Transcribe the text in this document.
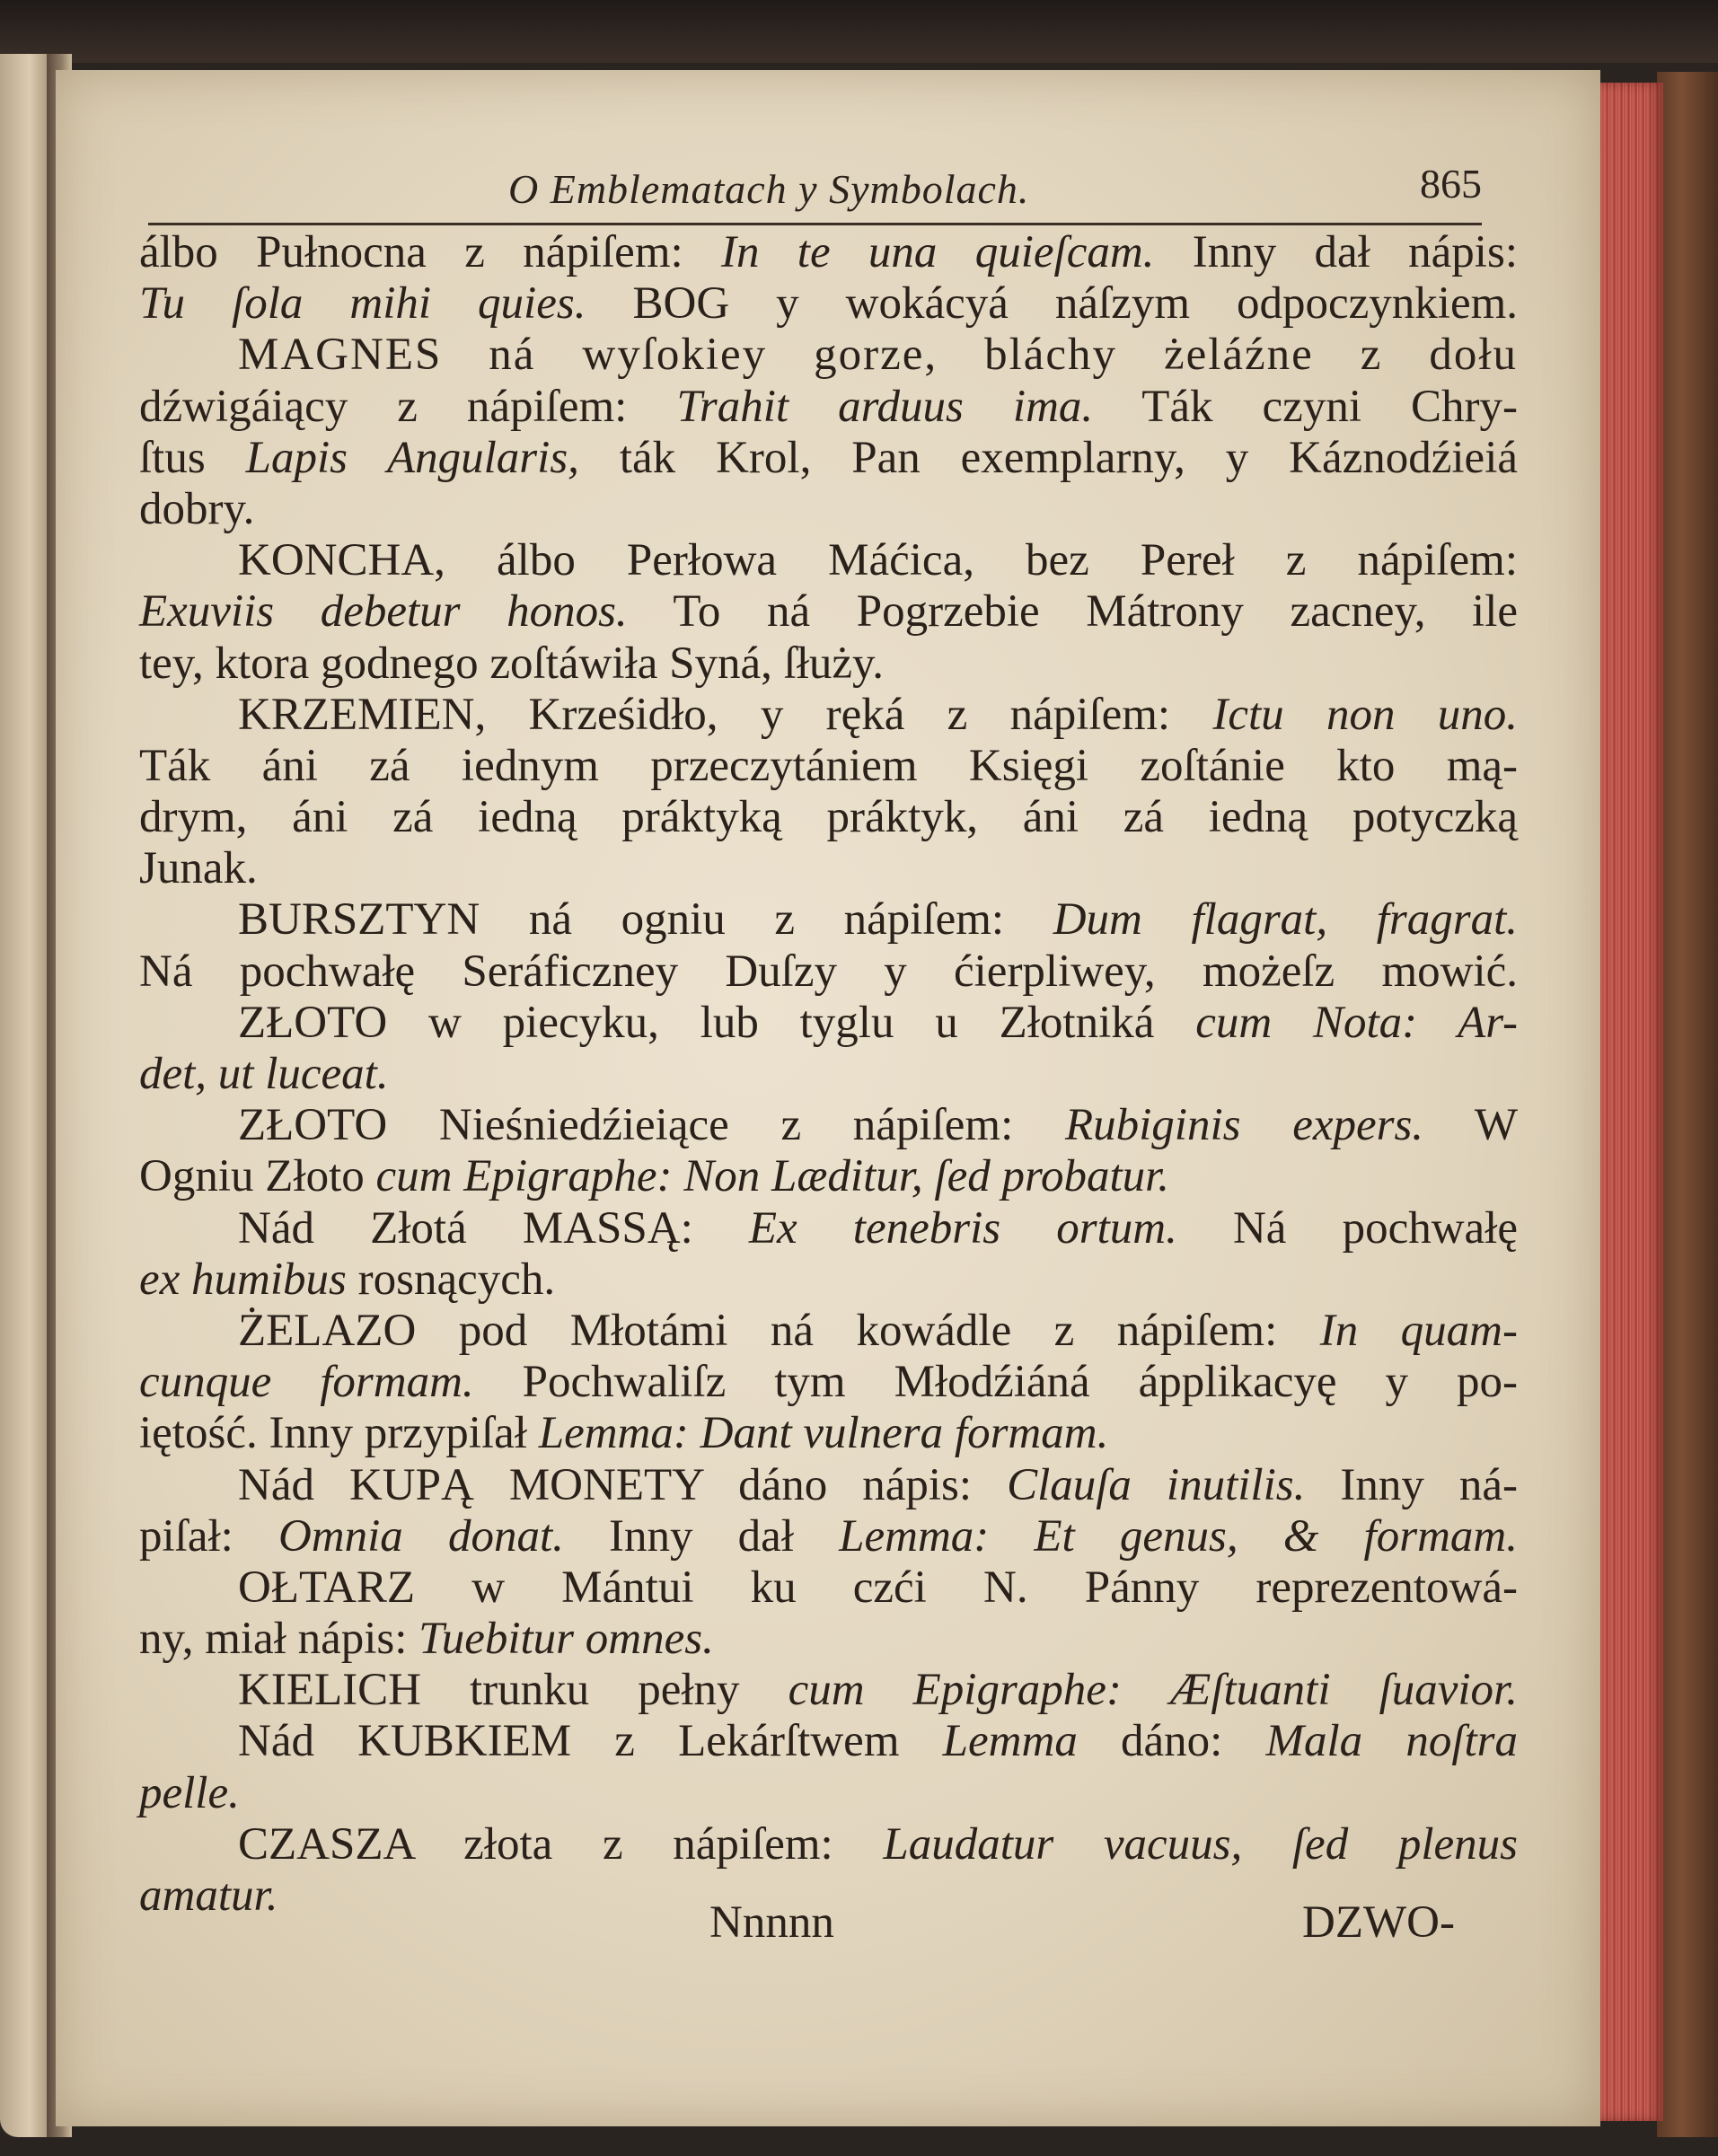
O Emblematach y Symbolach.	865
álbo Pułnocna z nápiſem: In te una quieſcam. Inny dał nápis:
Tu ſola mihi quies. BOG y wokácyá náſzym odpoczynkiem.
MAGNES ná wyſokiey gorze, bláchy żeláźne z dołu
dźwigáiący z nápiſem: Trahit arduus ima. Ták czyni Chry-
ſtus Lapis Angularis, ták Krol, Pan exemplarny, y Káznodźieiá
dobry.
KONCHA, álbo Perłowa Máćica, bez Pereł z nápiſem:
Exuviis debetur honos. To ná Pogrzebie Mátrony zacney, ile
tey, ktora godnego zoſtáwiła Syná, ſłuży.
KRZEMIEN, Krześidło, y ręká z nápiſem: Ictu non uno.
Ták áni zá iednym przeczytániem Księgi zoſtánie kto mą-
drym, áni zá iedną práktyką práktyk, áni zá iedną potyczką
Junak.
BURSZTYN ná ogniu z nápiſem: Dum flagrat, fragrat.
Ná pochwałę Seráficzney Duſzy y ćierpliwey, możeſz mowić.
ZŁOTO w piecyku, lub tyglu u Złotniká cum Nota: Ar-
det, ut luceat.
ZŁOTO Nieśniedźieiące z nápiſem: Rubiginis expers. W
Ogniu Złoto cum Epigraphe: Non Læditur, ſed probatur.
Nád Złotá MASSĄ: Ex tenebris ortum. Ná pochwałę
ex humibus rosnących.
ŻELAZO pod Młotámi ná kowádle z nápiſem: In quam-
cunque formam. Pochwaliſz tym Młodźiáná ápplikacyę y po-
iętość. Inny przypiſał Lemma: Dant vulnera formam.
Nád KUPĄ MONETY dáno nápis: Clauſa inutilis. Inny ná-
piſał: Omnia donat. Inny dał Lemma: Et genus, & formam.
OŁTARZ w Mántui ku czći N. Pánny reprezentowá-
ny, miał nápis: Tuebitur omnes.
KIELICH trunku pełny cum Epigraphe: Æſtuanti ſuavior.
Nád KUBKIEM z Lekárſtwem Lemma dáno: Mala noſtra
pelle.
CZASZA złota z nápiſem: Laudatur vacuus, ſed plenus
amatur.
Nnnnn	DZWO-
